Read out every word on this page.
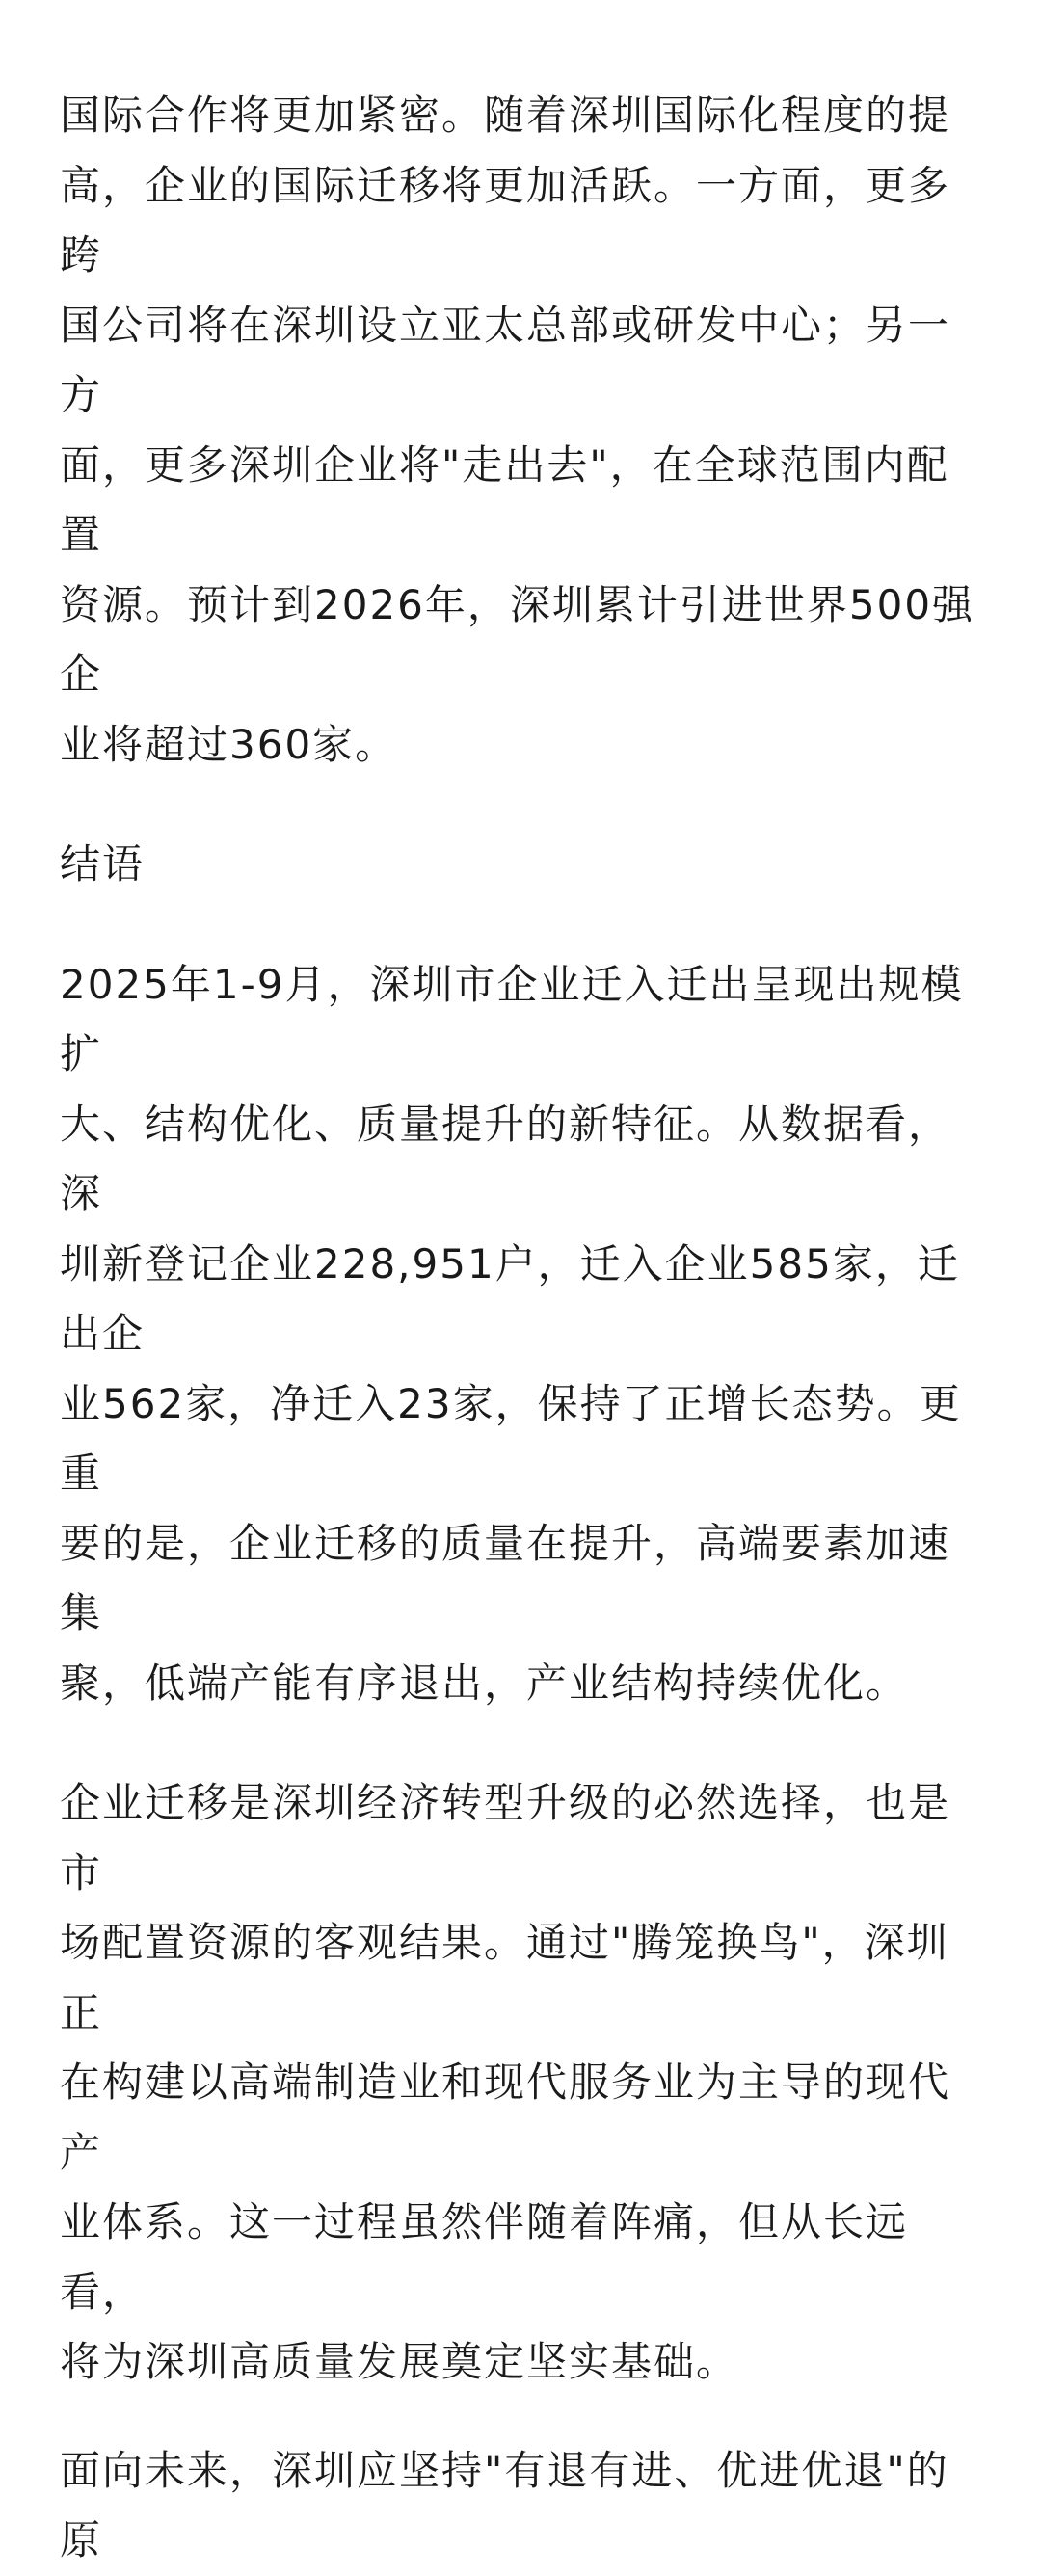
国际合作将更加紧密。随着深圳国际化程度的提
高，企业的国际迁移将更加活跃。一方面，更多跨
国公司将在深圳设立亚太总部或研发中心；另一方
面，更多深圳企业将"走出去"，在全球范围内配置
资源。预计到2026年，深圳累计引进世界500强企
业将超过360家。

结语

2025年1-9月，深圳市企业迁入迁出呈现出规模扩
大、结构优化、质量提升的新特征。从数据看，深
圳新登记企业228,951户，迁入企业585家，迁出企
业562家，净迁入23家，保持了正增长态势。更重
要的是，企业迁移的质量在提升，高端要素加速集
聚，低端产能有序退出，产业结构持续优化。

企业迁移是深圳经济转型升级的必然选择，也是市
场配置资源的客观结果。通过"腾笼换鸟"，深圳正
在构建以高端制造业和现代服务业为主导的现代产
业体系。这一过程虽然伴随着阵痛，但从长远看，
将为深圳高质量发展奠定坚实基础。

面向未来，深圳应坚持"有退有进、优进优退"的原
